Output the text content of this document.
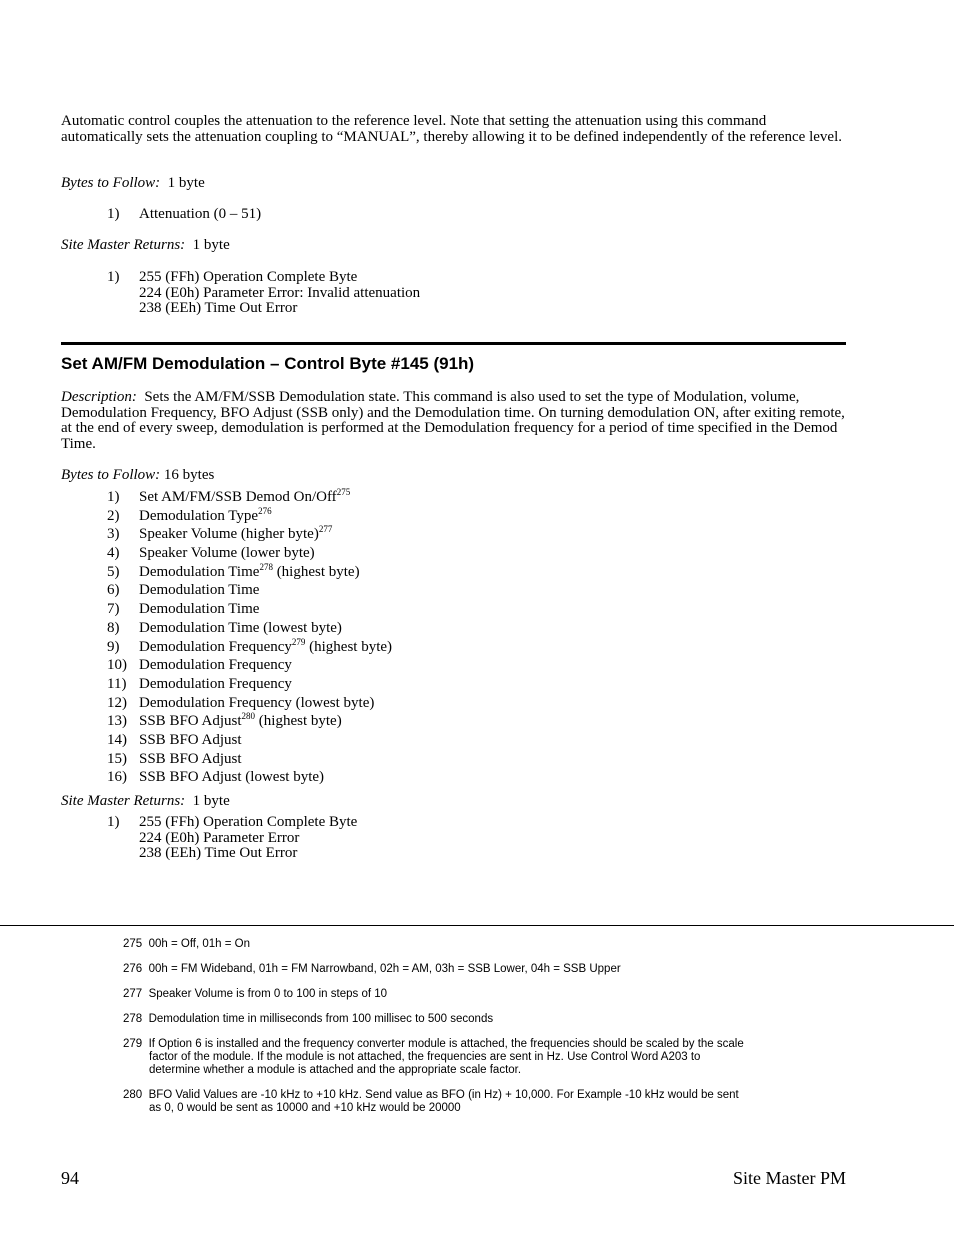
Automatic control couples the attenuation to the reference level. Note that setting the attenuation using this command automatically sets the attenuation coupling to “MANUAL”, thereby allowing it to be defined independently of the reference level.
Bytes to Follow: 1 byte
1) Attenuation (0 – 51)
Site Master Returns: 1 byte
1) 255 (FFh) Operation Complete Byte
224 (E0h) Parameter Error: Invalid attenuation
238 (EEh) Time Out Error
Set AM/FM Demodulation – Control Byte #145 (91h)
Description: Sets the AM/FM/SSB Demodulation state. This command is also used to set the type of Modulation, volume, Demodulation Frequency, BFO Adjust (SSB only) and the Demodulation time. On turning demodulation ON, after exiting remote, at the end of every sweep, demodulation is performed at the Demodulation frequency for a period of time specified in the Demod Time.
Bytes to Follow: 16 bytes
1) Set AM/FM/SSB Demod On/Off$^{275}$
2) Demodulation Type$^{276}$
3) Speaker Volume (higher byte)$^{277}$
4) Speaker Volume (lower byte)
5) Demodulation Time$^{278}$ (highest byte)
6) Demodulation Time
7) Demodulation Time
8) Demodulation Time (lowest byte)
9) Demodulation Frequency$^{279}$ (highest byte)
10) Demodulation Frequency
11) Demodulation Frequency
12) Demodulation Frequency (lowest byte)
13) SSB BFO Adjust$^{280}$ (highest byte)
14) SSB BFO Adjust
15) SSB BFO Adjust
16) SSB BFO Adjust (lowest byte)
Site Master Returns: 1 byte
1) 255 (FFh) Operation Complete Byte
224 (E0h) Parameter Error
238 (EEh) Time Out Error
275 00h = Off, 01h = On
276 00h = FM Wideband, 01h = FM Narrowband, 02h = AM, 03h = SSB Lower, 04h = SSB Upper
277 Speaker Volume is from 0 to 100 in steps of 10
278 Demodulation time in milliseconds from 100 millisec to 500 seconds
279 If Option 6 is installed and the frequency converter module is attached, the frequencies should be scaled by the scale
factor of the module. If the module is not attached, the frequencies are sent in Hz. Use Control Word A203 to
determine whether a module is attached and the appropriate scale factor.
280 BFO Valid Values are -10 kHz to +10 kHz. Send value as BFO (in Hz) + 10,000. For Example -10 kHz would be sent
as 0, 0 would be sent as 10000 and +10 kHz would be 20000
94	Site Master PM
